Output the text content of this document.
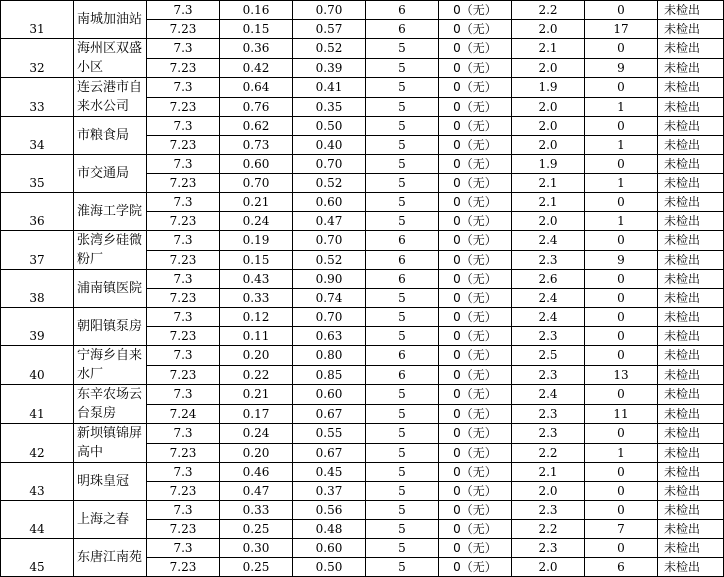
31	南城加油站	7.3	0.16	0.70	6	0（无）	2.2	0	未检出
		7.23	0.15	0.57	6	0（无）	2.0	17	未检出
32	海州区双盛小区	7.3	0.36	0.52	5	0（无）	2.1	0	未检出
		7.23	0.42	0.39	5	0（无）	2.0	9	未检出
33	连云港市自来水公司	7.3	0.64	0.41	5	0（无）	1.9	0	未检出
		7.23	0.76	0.35	5	0（无）	2.0	1	未检出
34	市粮食局	7.3	0.62	0.50	5	0（无）	2.0	0	未检出
		7.23	0.73	0.40	5	0（无）	2.0	1	未检出
35	市交通局	7.3	0.60	0.70	5	0（无）	1.9	0	未检出
		7.23	0.70	0.52	5	0（无）	2.1	1	未检出
36	淮海工学院	7.3	0.21	0.60	5	0（无）	2.1	0	未检出
		7.23	0.24	0.47	5	0（无）	2.0	1	未检出
37	张湾乡硅微粉厂	7.3	0.19	0.70	6	0（无）	2.4	0	未检出
		7.23	0.15	0.52	6	0（无）	2.3	9	未检出
38	浦南镇医院	7.3	0.43	0.90	6	0（无）	2.6	0	未检出
		7.23	0.33	0.74	5	0（无）	2.4	0	未检出
39	朝阳镇泵房	7.3	0.12	0.70	5	0（无）	2.4	0	未检出
		7.23	0.11	0.63	5	0（无）	2.3	0	未检出
40	宁海乡自来水厂	7.3	0.20	0.80	6	0（无）	2.5	0	未检出
		7.23	0.22	0.85	6	0（无）	2.3	13	未检出
41	东辛农场云台泵房	7.3	0.21	0.60	5	0（无）	2.4	0	未检出
		7.24	0.17	0.67	5	0（无）	2.3	11	未检出
42	新坝镇锦屏高中	7.3	0.24	0.55	5	0（无）	2.3	0	未检出
		7.23	0.20	0.67	5	0（无）	2.2	1	未检出
43	明珠皇冠	7.3	0.46	0.45	5	0（无）	2.1	0	未检出
		7.23	0.47	0.37	5	0（无）	2.0	0	未检出
44	上海之春	7.3	0.33	0.56	5	0（无）	2.3	0	未检出
		7.23	0.25	0.48	5	0（无）	2.2	7	未检出
45	东唐江南苑	7.3	0.30	0.60	5	0（无）	2.3	0	未检出
		7.23	0.25	0.50	5	0（无）	2.0	6	未检出
